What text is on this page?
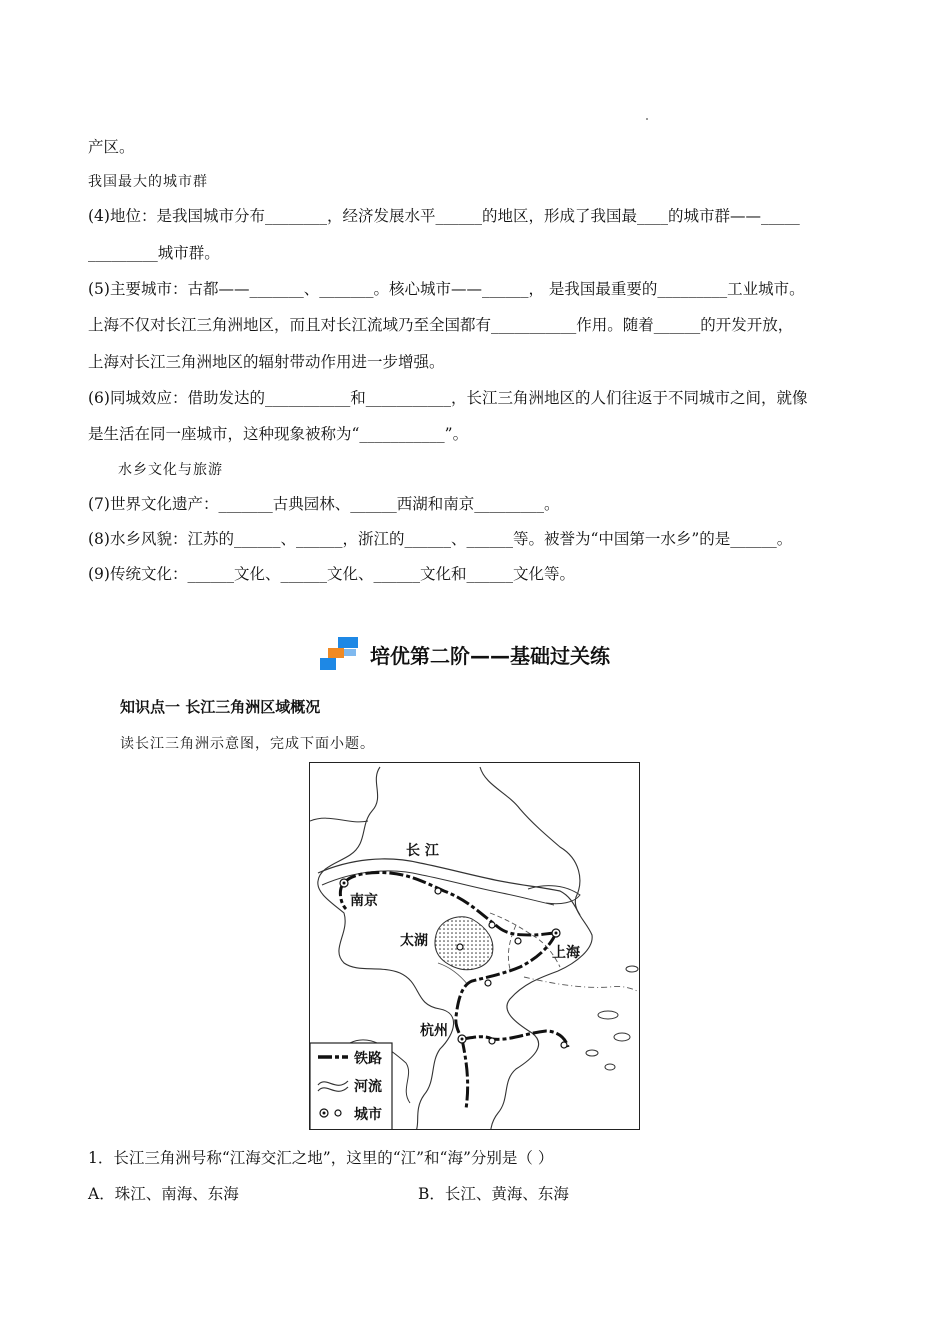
产区。
我国最大的城市群
(4)地位：是我国城市分布________，经济发展水平______的地区，形成了我国最____的城市群——_____
_________城市群。
(5)主要城市：古都——_______、_______。核心城市——______， 是我国最重要的_________工业城市。
上海不仅对长江三角洲地区，而且对长江流域乃至全国都有___________作用。随着______的开发开放，
上海对长江三角洲地区的辐射带动作用进一步增强。
(6)同城效应：借助发达的___________和___________，长江三角洲地区的人们往返于不同城市之间，就像
是生活在同一座城市，这种现象被称为“___________”。
水乡文化与旅游
(7)世界文化遗产：_______古典园林、______西湖和南京_________。
(8)水乡风貌：江苏的______、______，浙江的______、______等。被誉为“中国第一水乡”的是______。
(9)传统文化：______文化、______文化、______文化和______文化等。
培优第二阶——基础过关练
知识点一 长江三角洲区域概况
读长江三角洲示意图，完成下面小题。
长 江
南京
太湖
上海
杭州
铁路
河流
城市
1．长江三角洲号称“江海交汇之地”，这里的“江”和“海”分别是（ ）
A．珠江、南海、东海	B．长江、黄海、东海
